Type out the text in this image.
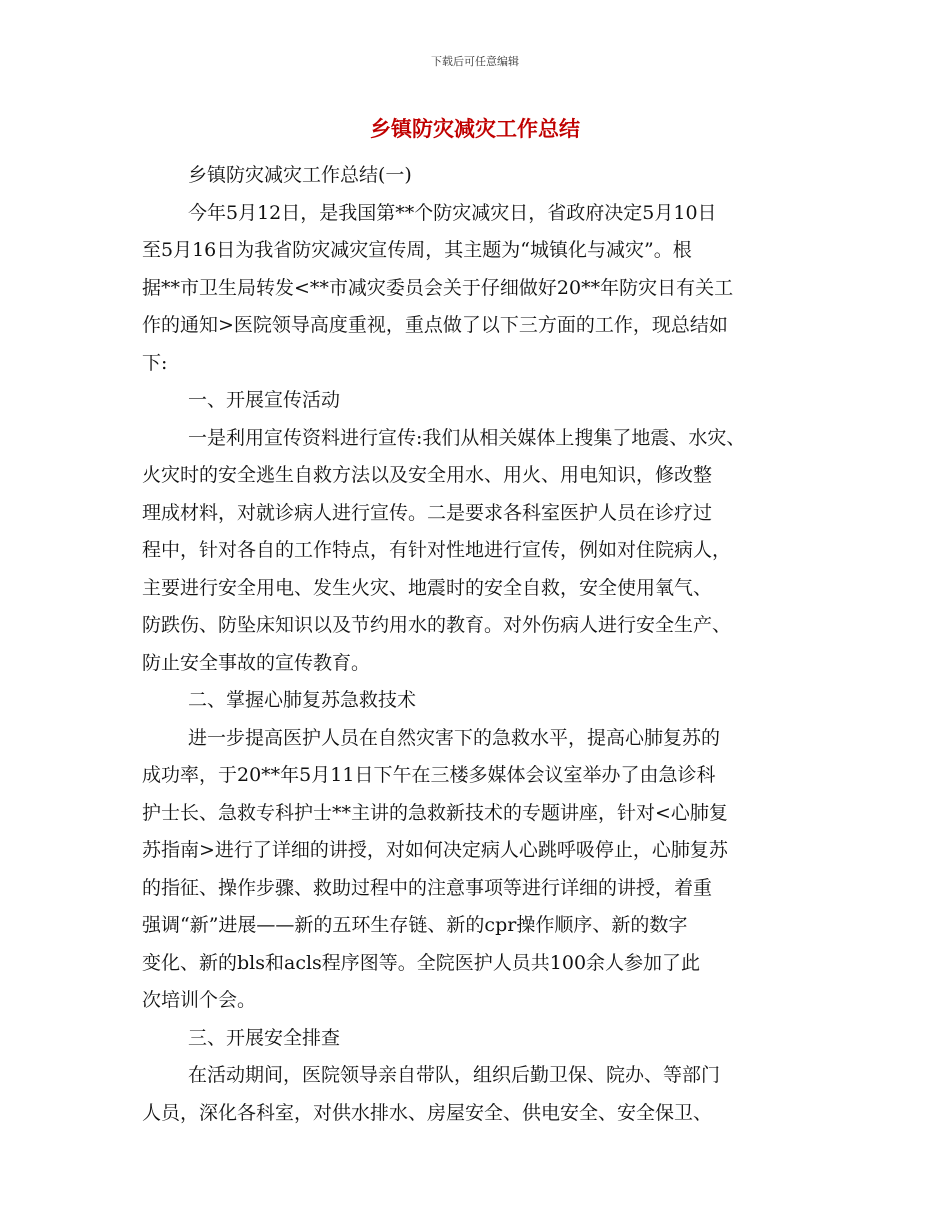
下载后可任意编辑
乡镇防灾减灾工作总结
乡镇防灾减灾工作总结(一)
今年5月12日，是我国第**个防灾减灾日，省政府决定5月10日
至5月16日为我省防灾减灾宣传周，其主题为“城镇化与减灾”。根
据**市卫生局转发<**市减灾委员会关于仔细做好20**年防灾日有关工
作的通知>医院领导高度重视，重点做了以下三方面的工作，现总结如
下:
一、开展宣传活动
一是利用宣传资料进行宣传:我们从相关媒体上搜集了地震、水灾、
火灾时的安全逃生自救方法以及安全用水、用火、用电知识，修改整
理成材料，对就诊病人进行宣传。二是要求各科室医护人员在诊疗过
程中，针对各自的工作特点，有针对性地进行宣传，例如对住院病人，
主要进行安全用电、发生火灾、地震时的安全自救，安全使用氧气、
防跌伤、防坠床知识以及节约用水的教育。对外伤病人进行安全生产、
防止安全事故的宣传教育。
二、掌握心肺复苏急救技术
进一步提高医护人员在自然灾害下的急救水平，提高心肺复苏的
成功率，于20**年5月11日下午在三楼多媒体会议室举办了由急诊科
护士长、急救专科护士**主讲的急救新技术的专题讲座，针对<心肺复
苏指南>进行了详细的讲授，对如何决定病人心跳呼吸停止，心肺复苏
的指征、操作步骤、救助过程中的注意事项等进行详细的讲授，着重
强调“新”进展——新的五环生存链、新的cpr操作顺序、新的数字
变化、新的bls和acls程序图等。全院医护人员共100余人参加了此
次培训个会。
三、开展安全排查
在活动期间，医院领导亲自带队，组织后勤卫保、院办、等部门
人员，深化各科室，对供水排水、房屋安全、供电安全、安全保卫、
